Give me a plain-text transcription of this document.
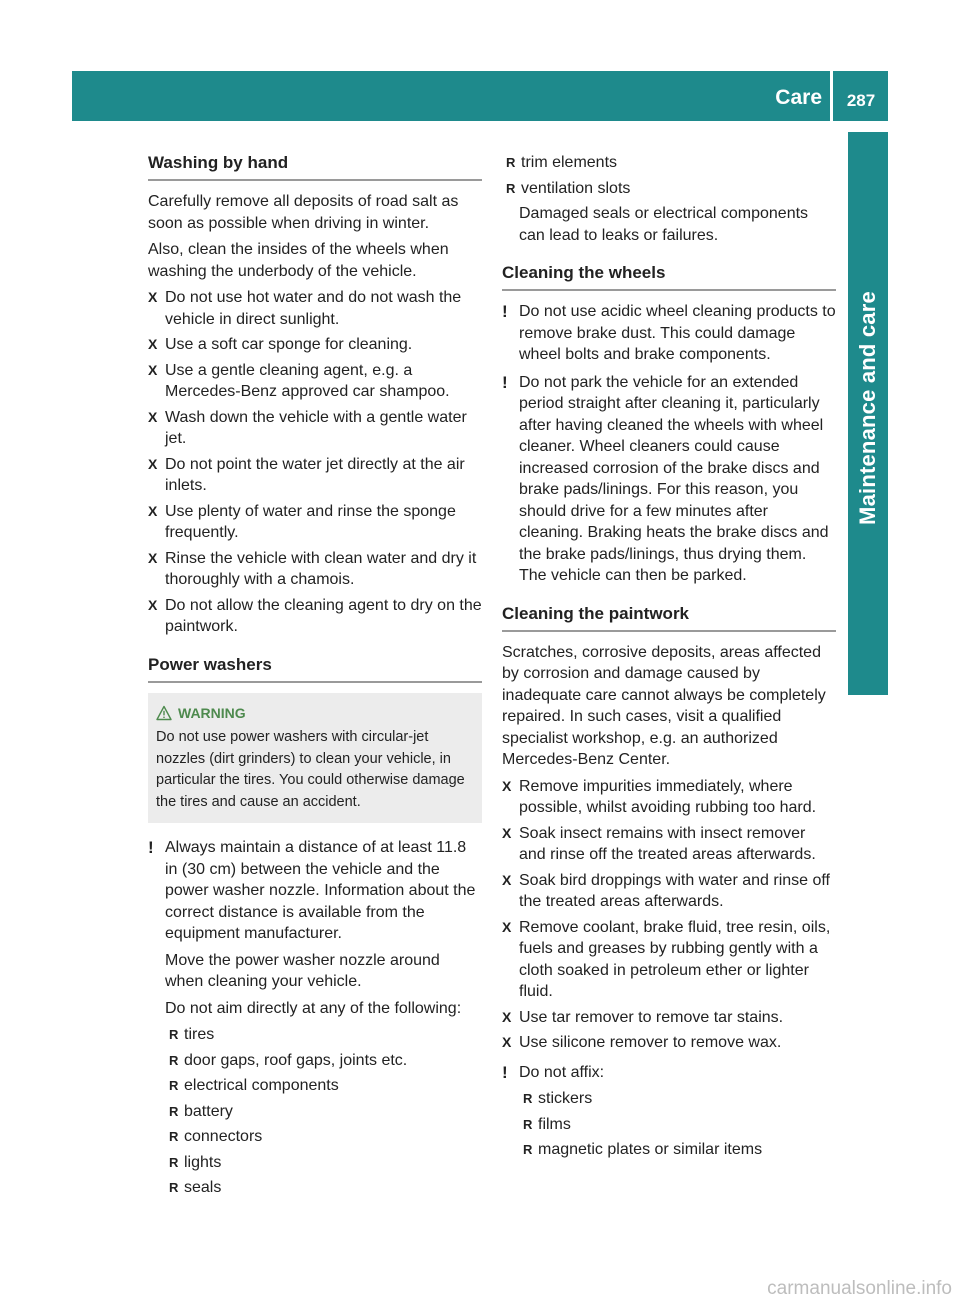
Care	287
Maintenance and care
Washing by hand

Carefully remove all deposits of road salt as soon as possible when driving in winter.

Also, clean the insides of the wheels when washing the underbody of the vehicle.

X Do not use hot water and do not wash the vehicle in direct sunlight.
X Use a soft car sponge for cleaning.
X Use a gentle cleaning agent, e.g. a Mercedes-Benz approved car shampoo.
X Wash down the vehicle with a gentle water jet.
X Do not point the water jet directly at the air inlets.
X Use plenty of water and rinse the sponge frequently.
X Rinse the vehicle with clean water and dry it thoroughly with a chamois.
X Do not allow the cleaning agent to dry on the paintwork.
Power washers
WARNING
Do not use power washers with circular-jet nozzles (dirt grinders) to clean your vehicle, in particular the tires. You could otherwise damage the tires and cause an accident.
! Always maintain a distance of at least 11.8 in (30 cm) between the vehicle and the power washer nozzle. Information about the correct distance is available from the equipment manufacturer.

Move the power washer nozzle around when cleaning your vehicle.

Do not aim directly at any of the following:

R tires
R door gaps, roof gaps, joints etc.
R electrical components
R battery
R connectors
R lights
R seals
R trim elements
R ventilation slots

Damaged seals or electrical components can lead to leaks or failures.

Cleaning the wheels
! Do not use acidic wheel cleaning products to remove brake dust. This could damage wheel bolts and brake components.

! Do not park the vehicle for an extended period straight after cleaning it, particularly after having cleaned the wheels with wheel cleaner. Wheel cleaners could cause increased corrosion of the brake discs and brake pads/linings. For this reason, you should drive for a few minutes after cleaning. Braking heats the brake discs and the brake pads/linings, thus drying them. The vehicle can then be parked.

Cleaning the paintwork

Scratches, corrosive deposits, areas affected by corrosion and damage caused by inadequate care cannot always be completely repaired. In such cases, visit a qualified specialist workshop, e.g. an authorized Mercedes-Benz Center.

X Remove impurities immediately, where possible, whilst avoiding rubbing too hard.
X Soak insect remains with insect remover and rinse off the treated areas afterwards.
X Soak bird droppings with water and rinse off the treated areas afterwards.
X Remove coolant, brake fluid, tree resin, oils, fuels and greases by rubbing gently with a cloth soaked in petroleum ether or lighter fluid.
X Use tar remover to remove tar stains.
X Use silicone remover to remove wax.
! Do not affix:

R stickers
R films
R magnetic plates or similar items
carmanualsonline.info
